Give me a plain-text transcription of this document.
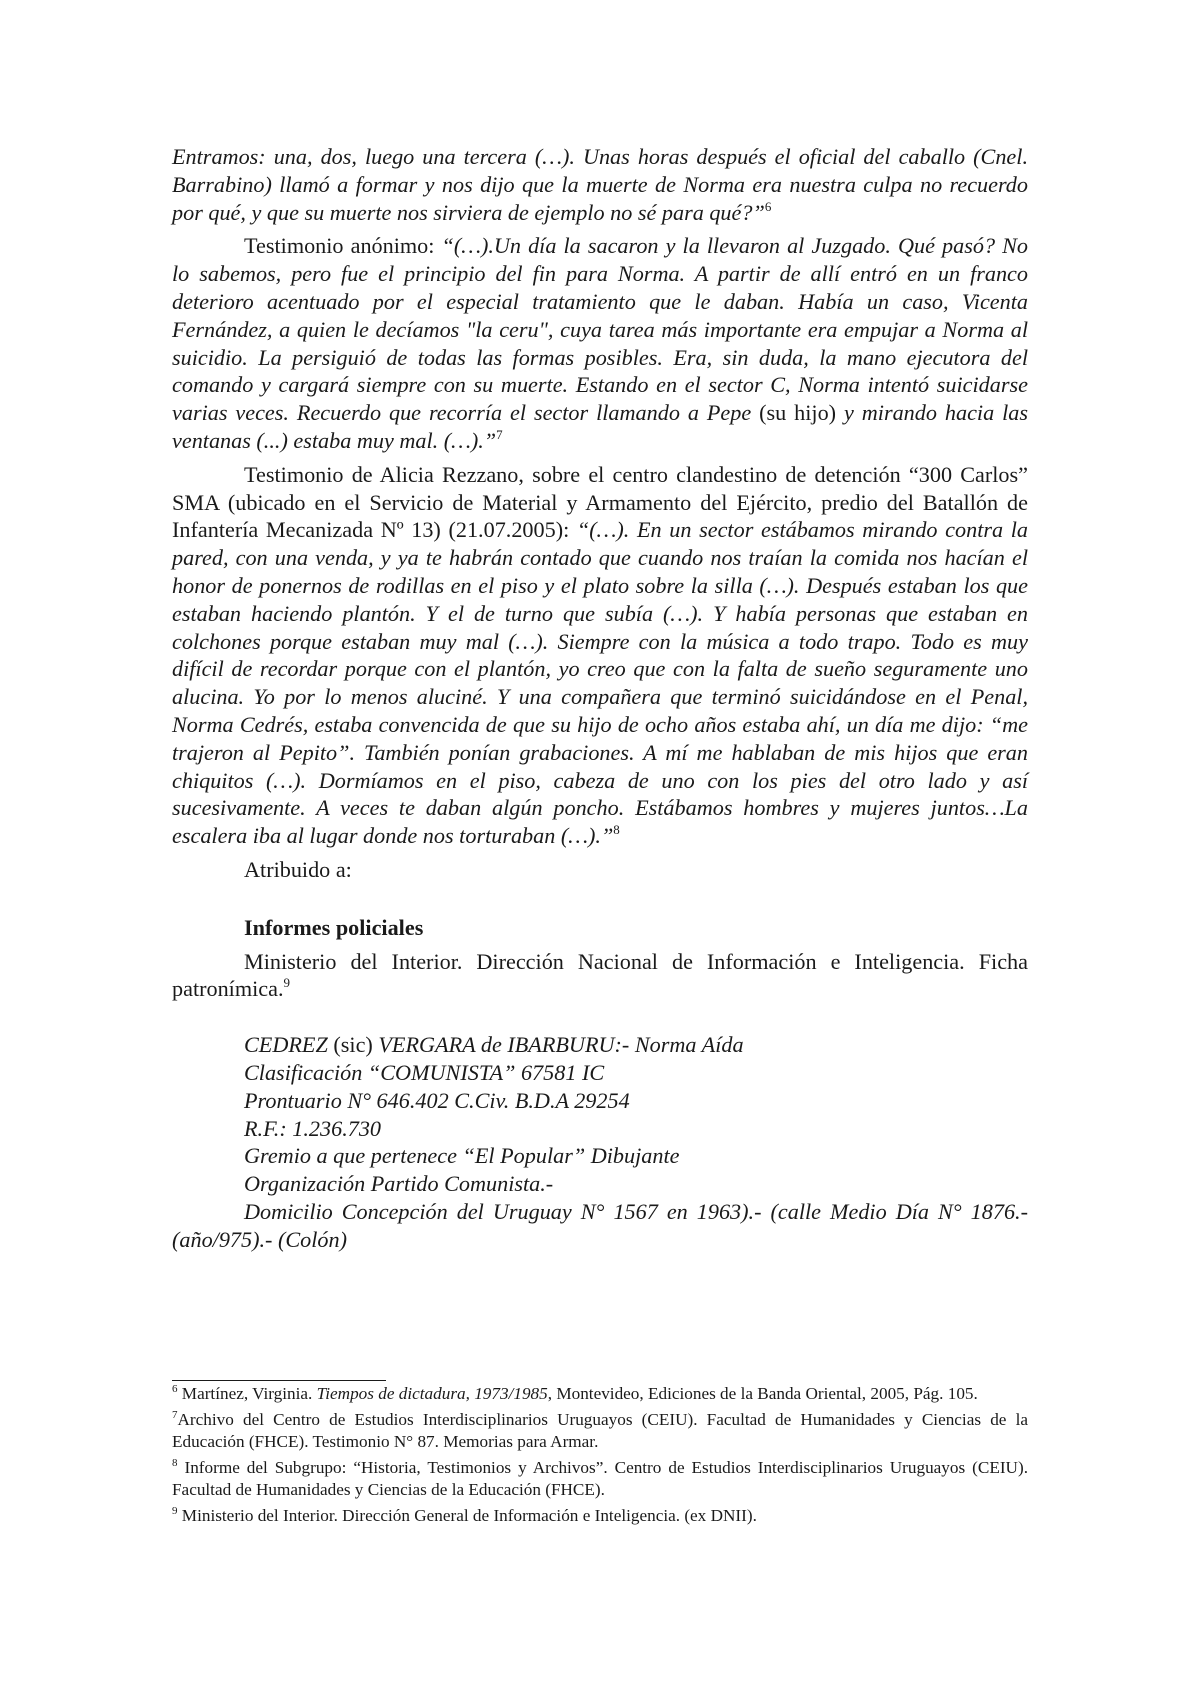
Entramos: una, dos, luego una tercera (…). Unas horas después el oficial del caballo (Cnel. Barrabino) llamó a formar y nos dijo que la muerte de Norma era nuestra culpa no recuerdo por qué, y que su muerte nos sirviera de ejemplo no sé para qué?”$^6$

Testimonio anónimo: “(…).Un día la sacaron y la llevaron al Juzgado. Qué pasó? No lo sabemos, pero fue el principio del fin para Norma. A partir de allí entró en un franco deterioro acentuado por el especial tratamiento que le daban. Había un caso, Vicenta Fernández, a quien le decíamos "la ceru", cuya tarea más importante era empujar a Norma al suicidio. La persiguió de todas las formas posibles. Era, sin duda, la mano ejecutora del comando y cargará siempre con su muerte. Estando en el sector C, Norma intentó suicidarse varias veces. Recuerdo que recorría el sector llamando a Pepe (su hijo) y mirando hacia las ventanas (...) estaba muy mal. (…).”$^7$

Testimonio de Alicia Rezzano, sobre el centro clandestino de detención “300 Carlos” SMA (ubicado en el Servicio de Material y Armamento del Ejército, predio del Batallón de Infantería Mecanizada Nº 13) (21.07.2005): “(…). En un sector estábamos mirando contra la pared, con una venda, y ya te habrán contado que cuando nos traían la comida nos hacían el honor de ponernos de rodillas en el piso y el plato sobre la silla (…). Después estaban los que estaban haciendo plantón. Y el de turno que subía (…). Y había personas que estaban en colchones porque estaban muy mal (…). Siempre con la música a todo trapo. Todo es muy difícil de recordar porque con el plantón, yo creo que con la falta de sueño seguramente uno alucina. Yo por lo menos aluciné. Y una compañera que terminó suicidándose en el Penal, Norma Cedrés, estaba convencida de que su hijo de ocho años estaba ahí, un día me dijo: “me trajeron al Pepito”. También ponían grabaciones. A mí me hablaban de mis hijos que eran chiquitos (…). Dormíamos en el piso, cabeza de uno con los pies del otro lado y así sucesivamente. A veces te daban algún poncho. Estábamos hombres y mujeres juntos…La escalera iba al lugar donde nos torturaban (…).”$^8$

Atribuido a:

Informes policiales

Ministerio del Interior. Dirección Nacional de Información e Inteligencia. Ficha patronímica.$^9$

CEDREZ (sic) VERGARA de IBARBURU:- Norma Aída

Clasificación “COMUNISTA” 67581 IC

Prontuario N° 646.402 C.Civ. B.D.A 29254

R.F.: 1.236.730

Gremio a que pertenece “El Popular” Dibujante

Organización Partido Comunista.-

Domicilio Concepción del Uruguay N° 1567 en 1963).- (calle Medio Día N° 1876.- (año/975).- (Colón)

$^6$ Martínez, Virginia. Tiempos de dictadura, 1973/1985, Montevideo, Ediciones de la Banda Oriental, 2005, Pág. 105.

$^7$Archivo del Centro de Estudios Interdisciplinarios Uruguayos (CEIU). Facultad de Humanidades y Ciencias de la Educación (FHCE). Testimonio N° 87. Memorias para Armar.

$^8$ Informe del Subgrupo: “Historia, Testimonios y Archivos”. Centro de Estudios Interdisciplinarios Uruguayos (CEIU). Facultad de Humanidades y Ciencias de la Educación (FHCE).

$^9$ Ministerio del Interior. Dirección General de Información e Inteligencia. (ex DNII).
